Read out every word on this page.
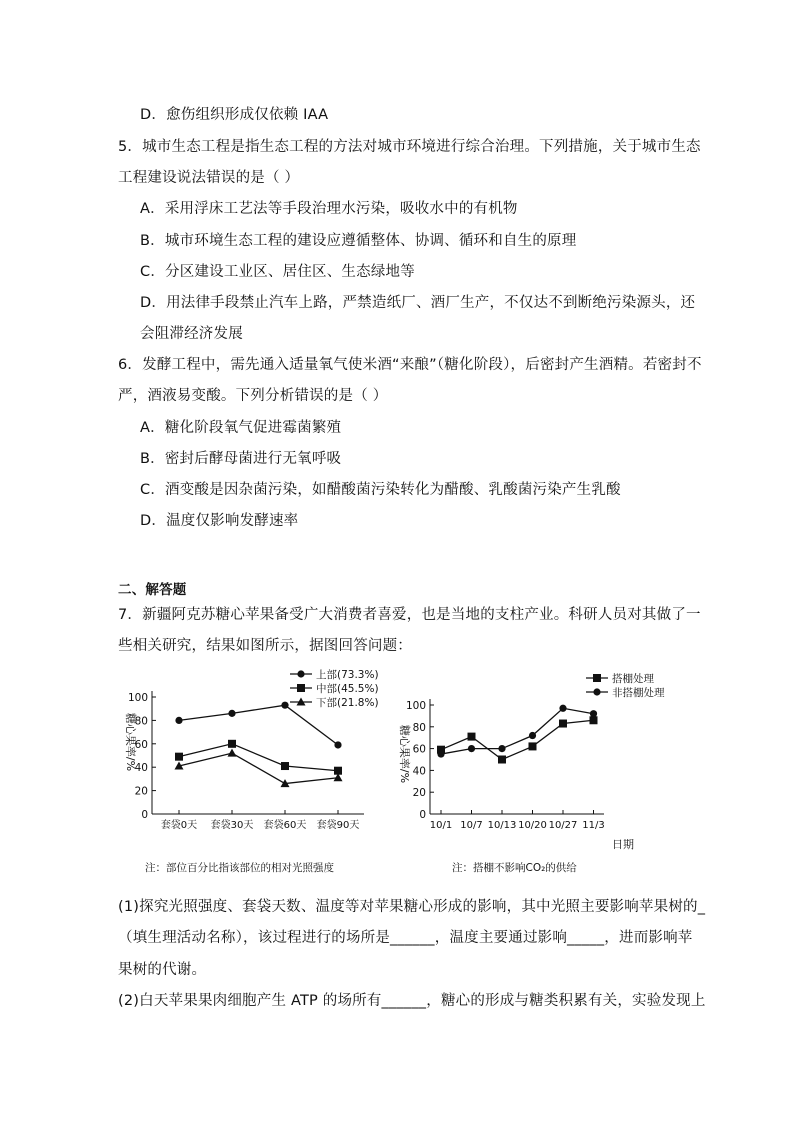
D．愈伤组织形成仅依赖 IAA
5．城市生态工程是指生态工程的方法对城市环境进行综合治理。下列措施，关于城市生态
工程建设说法错误的是（ ）
A．采用浮床工艺法等手段治理水污染，吸收水中的有机物
B．城市环境生态工程的建设应遵循整体、协调、循环和自生的原理
C．分区建设工业区、居住区、生态绿地等
D．用法律手段禁止汽车上路，严禁造纸厂、酒厂生产，不仅达不到断绝污染源头，还
会阻滞经济发展
6．发酵工程中，需先通入适量氧气使米酒“来酿”（糖化阶段），后密封产生酒精。若密封不
严，酒液易变酸。下列分析错误的是（ ）
A．糖化阶段氧气促进霉菌繁殖
B．密封后酵母菌进行无氧呼吸
C．酒变酸是因杂菌污染，如醋酸菌污染转化为醋酸、乳酸菌污染产生乳酸
D．温度仅影响发酵速率
二、解答题
7．新疆阿克苏糖心苹果备受广大消费者喜爱，也是当地的支柱产业。科研人员对其做了一
些相关研究，结果如图所示，据图回答问题：
0
20
40
60
80
100
套袋0天 套袋30天 套袋60天 套袋90天
上部(73.3%)
中部(45.5%)
下部(21.8%)
糖心果率/%
注：部位百分比指该部位的相对光照强度
0
20
40
60
80
100
10/1 10/7 10/13 10/20 10/27 11/3
搭棚处理
非搭棚处理
糖心果率/%
日期
注：搭棚不影响CO₂的供给
(1)探究光照强度、套袋天数、温度等对苹果糖心形成的影响，其中光照主要影响苹果树的_
（填生理活动名称），该过程进行的场所是______，温度主要通过影响_____，进而影响苹
果树的代谢。
(2)白天苹果果肉细胞产生 ATP 的场所有______，糖心的形成与糖类积累有关，实验发现上
